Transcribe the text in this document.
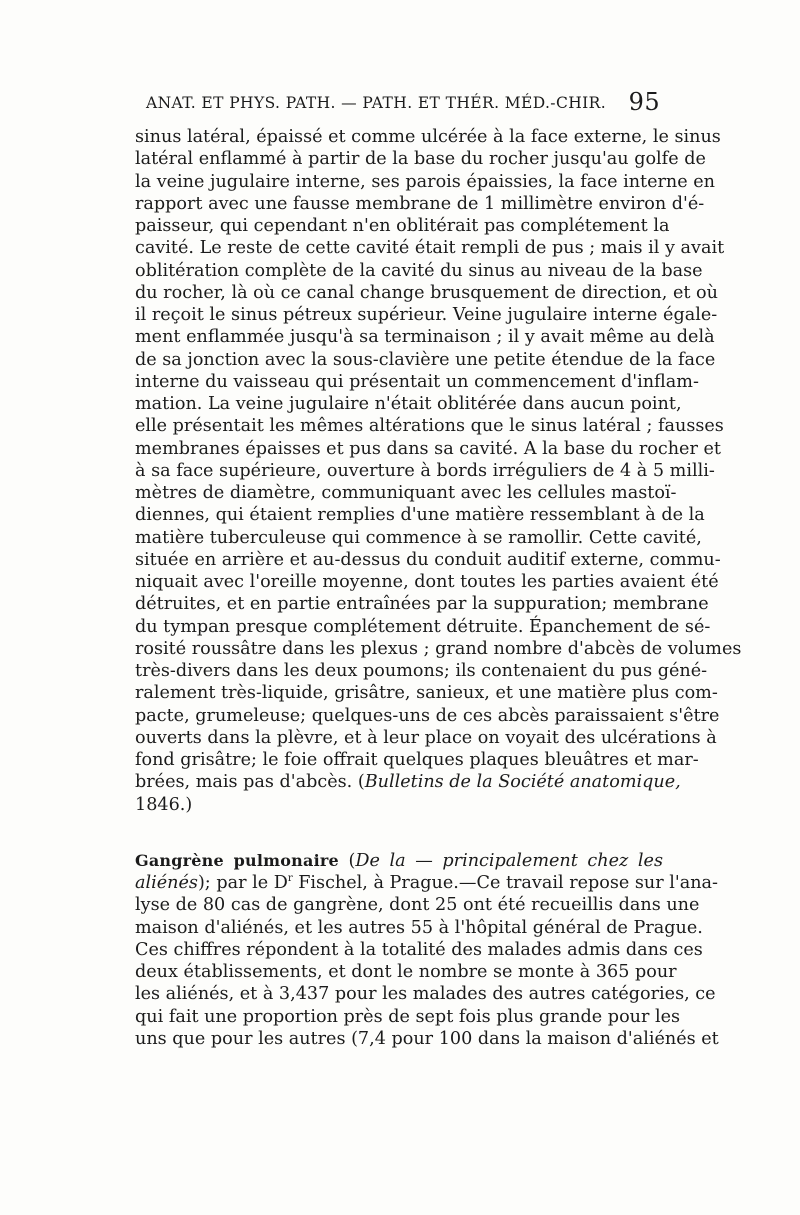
ANAT. ET PHYS. PATH. — PATH. ET THÉR. MÉD.-CHIR. 95
sinus latéral, épaissé et comme ulcérée à la face externe, le sinus
latéral enflammé à partir de la base du rocher jusqu'au golfe de
la veine jugulaire interne, ses parois épaissies, la face interne en
rapport avec une fausse membrane de 1 millimètre environ d'é-
paisseur, qui cependant n'en oblitérait pas complétement la
cavité. Le reste de cette cavité était rempli de pus ; mais il y avait
oblitération complète de la cavité du sinus au niveau de la base
du rocher, là où ce canal change brusquement de direction, et où
il reçoit le sinus pétreux supérieur. Veine jugulaire interne égale-
ment enflammée jusqu'à sa terminaison ; il y avait même au delà
de sa jonction avec la sous-clavière une petite étendue de la face
interne du vaisseau qui présentait un commencement d'inflam-
mation. La veine jugulaire n'était oblitérée dans aucun point,
elle présentait les mêmes altérations que le sinus latéral ; fausses
membranes épaisses et pus dans sa cavité. A la base du rocher et
à sa face supérieure, ouverture à bords irréguliers de 4 à 5 milli-
mètres de diamètre, communiquant avec les cellules mastoï-
diennes, qui étaient remplies d'une matière ressemblant à de la
matière tuberculeuse qui commence à se ramollir. Cette cavité,
située en arrière et au-dessus du conduit auditif externe, commu-
niquait avec l'oreille moyenne, dont toutes les parties avaient été
détruites, et en partie entraînées par la suppuration; membrane
du tympan presque complétement détruite. Épanchement de sé-
rosité roussâtre dans les plexus ; grand nombre d'abcès de volumes
très-divers dans les deux poumons; ils contenaient du pus géné-
ralement très-liquide, grisâtre, sanieux, et une matière plus com-
pacte, grumeleuse; quelques-uns de ces abcès paraissaient s'être
ouverts dans la plèvre, et à leur place on voyait des ulcérations à
fond grisâtre; le foie offrait quelques plaques bleuâtres et mar-
brées, mais pas d'abcès. (Bulletins de la Société anatomique,
1846.)
Gangrène pulmonaire (De la — principalement chez les
aliénés); par le $D^r$ Fischel, à Prague.—Ce travail repose sur l'ana-
lyse de 80 cas de gangrène, dont 25 ont été recueillis dans une
maison d'aliénés, et les autres 55 à l'hôpital général de Prague.
Ces chiffres répondent à la totalité des malades admis dans ces
deux établissements, et dont le nombre se monte à 365 pour
les aliénés, et à 3,437 pour les malades des autres catégories, ce
qui fait une proportion près de sept fois plus grande pour les
uns que pour les autres (7,4 pour 100 dans la maison d'aliénés et
